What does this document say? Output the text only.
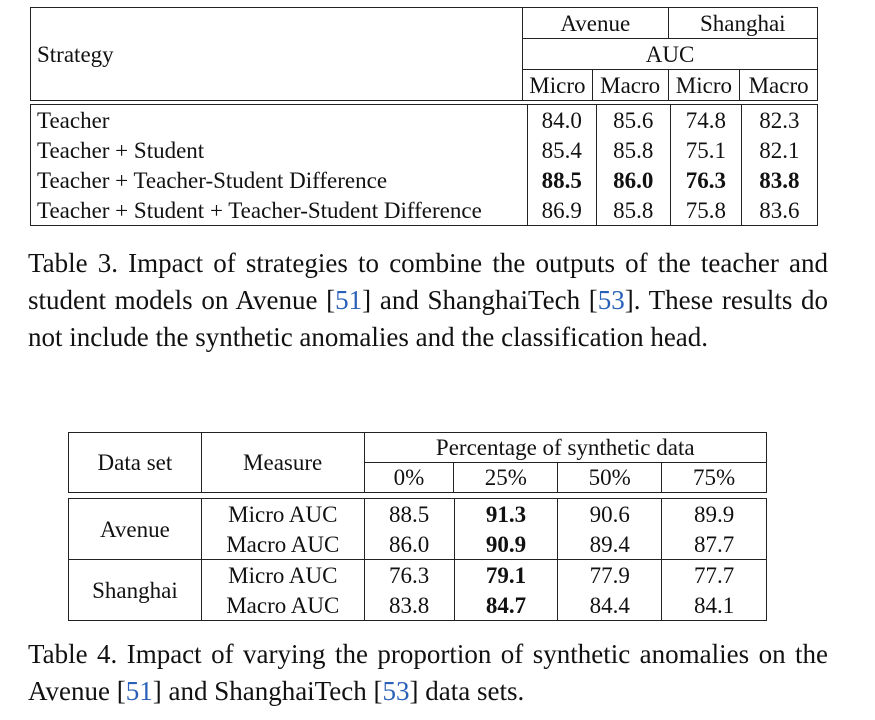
Strategy	Avenue		Shanghai	
	AUC			
	Micro	Macro	Micro	Macro
Teacher	84.0	85.6	74.8	82.3
Teacher + Student	85.4	85.8	75.1	82.1
Teacher + Teacher-Student Difference	88.5	86.0	76.3	83.8
Teacher + Student + Teacher-Student Difference	86.9	85.8	75.8	83.6
Table 3. Impact of strategies to combine the outputs of the teacher and student models on Avenue [51] and ShanghaiTech [53]. These results do not include the synthetic anomalies and the classification head.
Data set	Measure	Percentage of synthetic data			
		0%	25%	50%	75%
Avenue	Micro AUC	88.5	91.3	90.6	89.9
	Macro AUC	86.0	90.9	89.4	87.7
Shanghai	Micro AUC	76.3	79.1	77.9	77.7
	Macro AUC	83.8	84.7	84.4	84.1
Table 4. Impact of varying the proportion of synthetic anomalies on the Avenue [51] and ShanghaiTech [53] data sets.
